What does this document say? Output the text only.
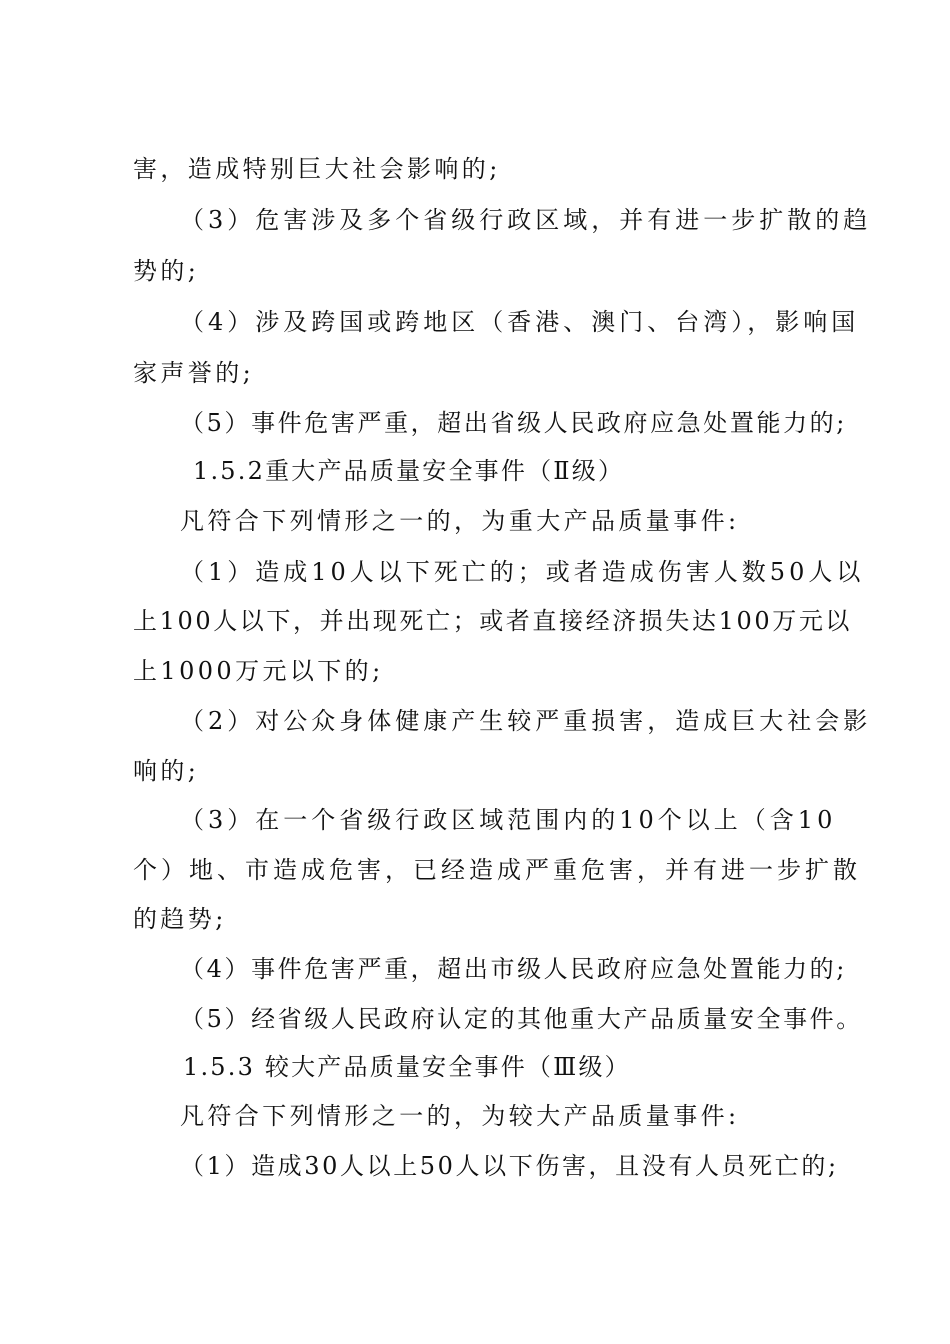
害，造成特别巨大社会影响的;
（3）危害涉及多个省级行政区域，并有进一步扩散的趋
势的;
（4）涉及跨国或跨地区（香港、澳门、台湾），影响国
家声誉的;
（5）事件危害严重，超出省级人民政府应急处置能力的;
1.5.2重大产品质量安全事件（Ⅱ级）
凡符合下列情形之一的，为重大产品质量事件:
（1）造成10人以下死亡的；或者造成伤害人数50人以
上100人以下，并出现死亡；或者直接经济损失达100万元以
上1000万元以下的;
（2）对公众身体健康产生较严重损害，造成巨大社会影
响的;
（3）在一个省级行政区域范围内的10个以上（含10
个）地、市造成危害，已经造成严重危害，并有进一步扩散
的趋势;
（4）事件危害严重，超出市级人民政府应急处置能力的;
（5）经省级人民政府认定的其他重大产品质量安全事件。
1.5.3 较大产品质量安全事件（Ⅲ级）
凡符合下列情形之一的，为较大产品质量事件:
（1）造成30人以上50人以下伤害，且没有人员死亡的;
